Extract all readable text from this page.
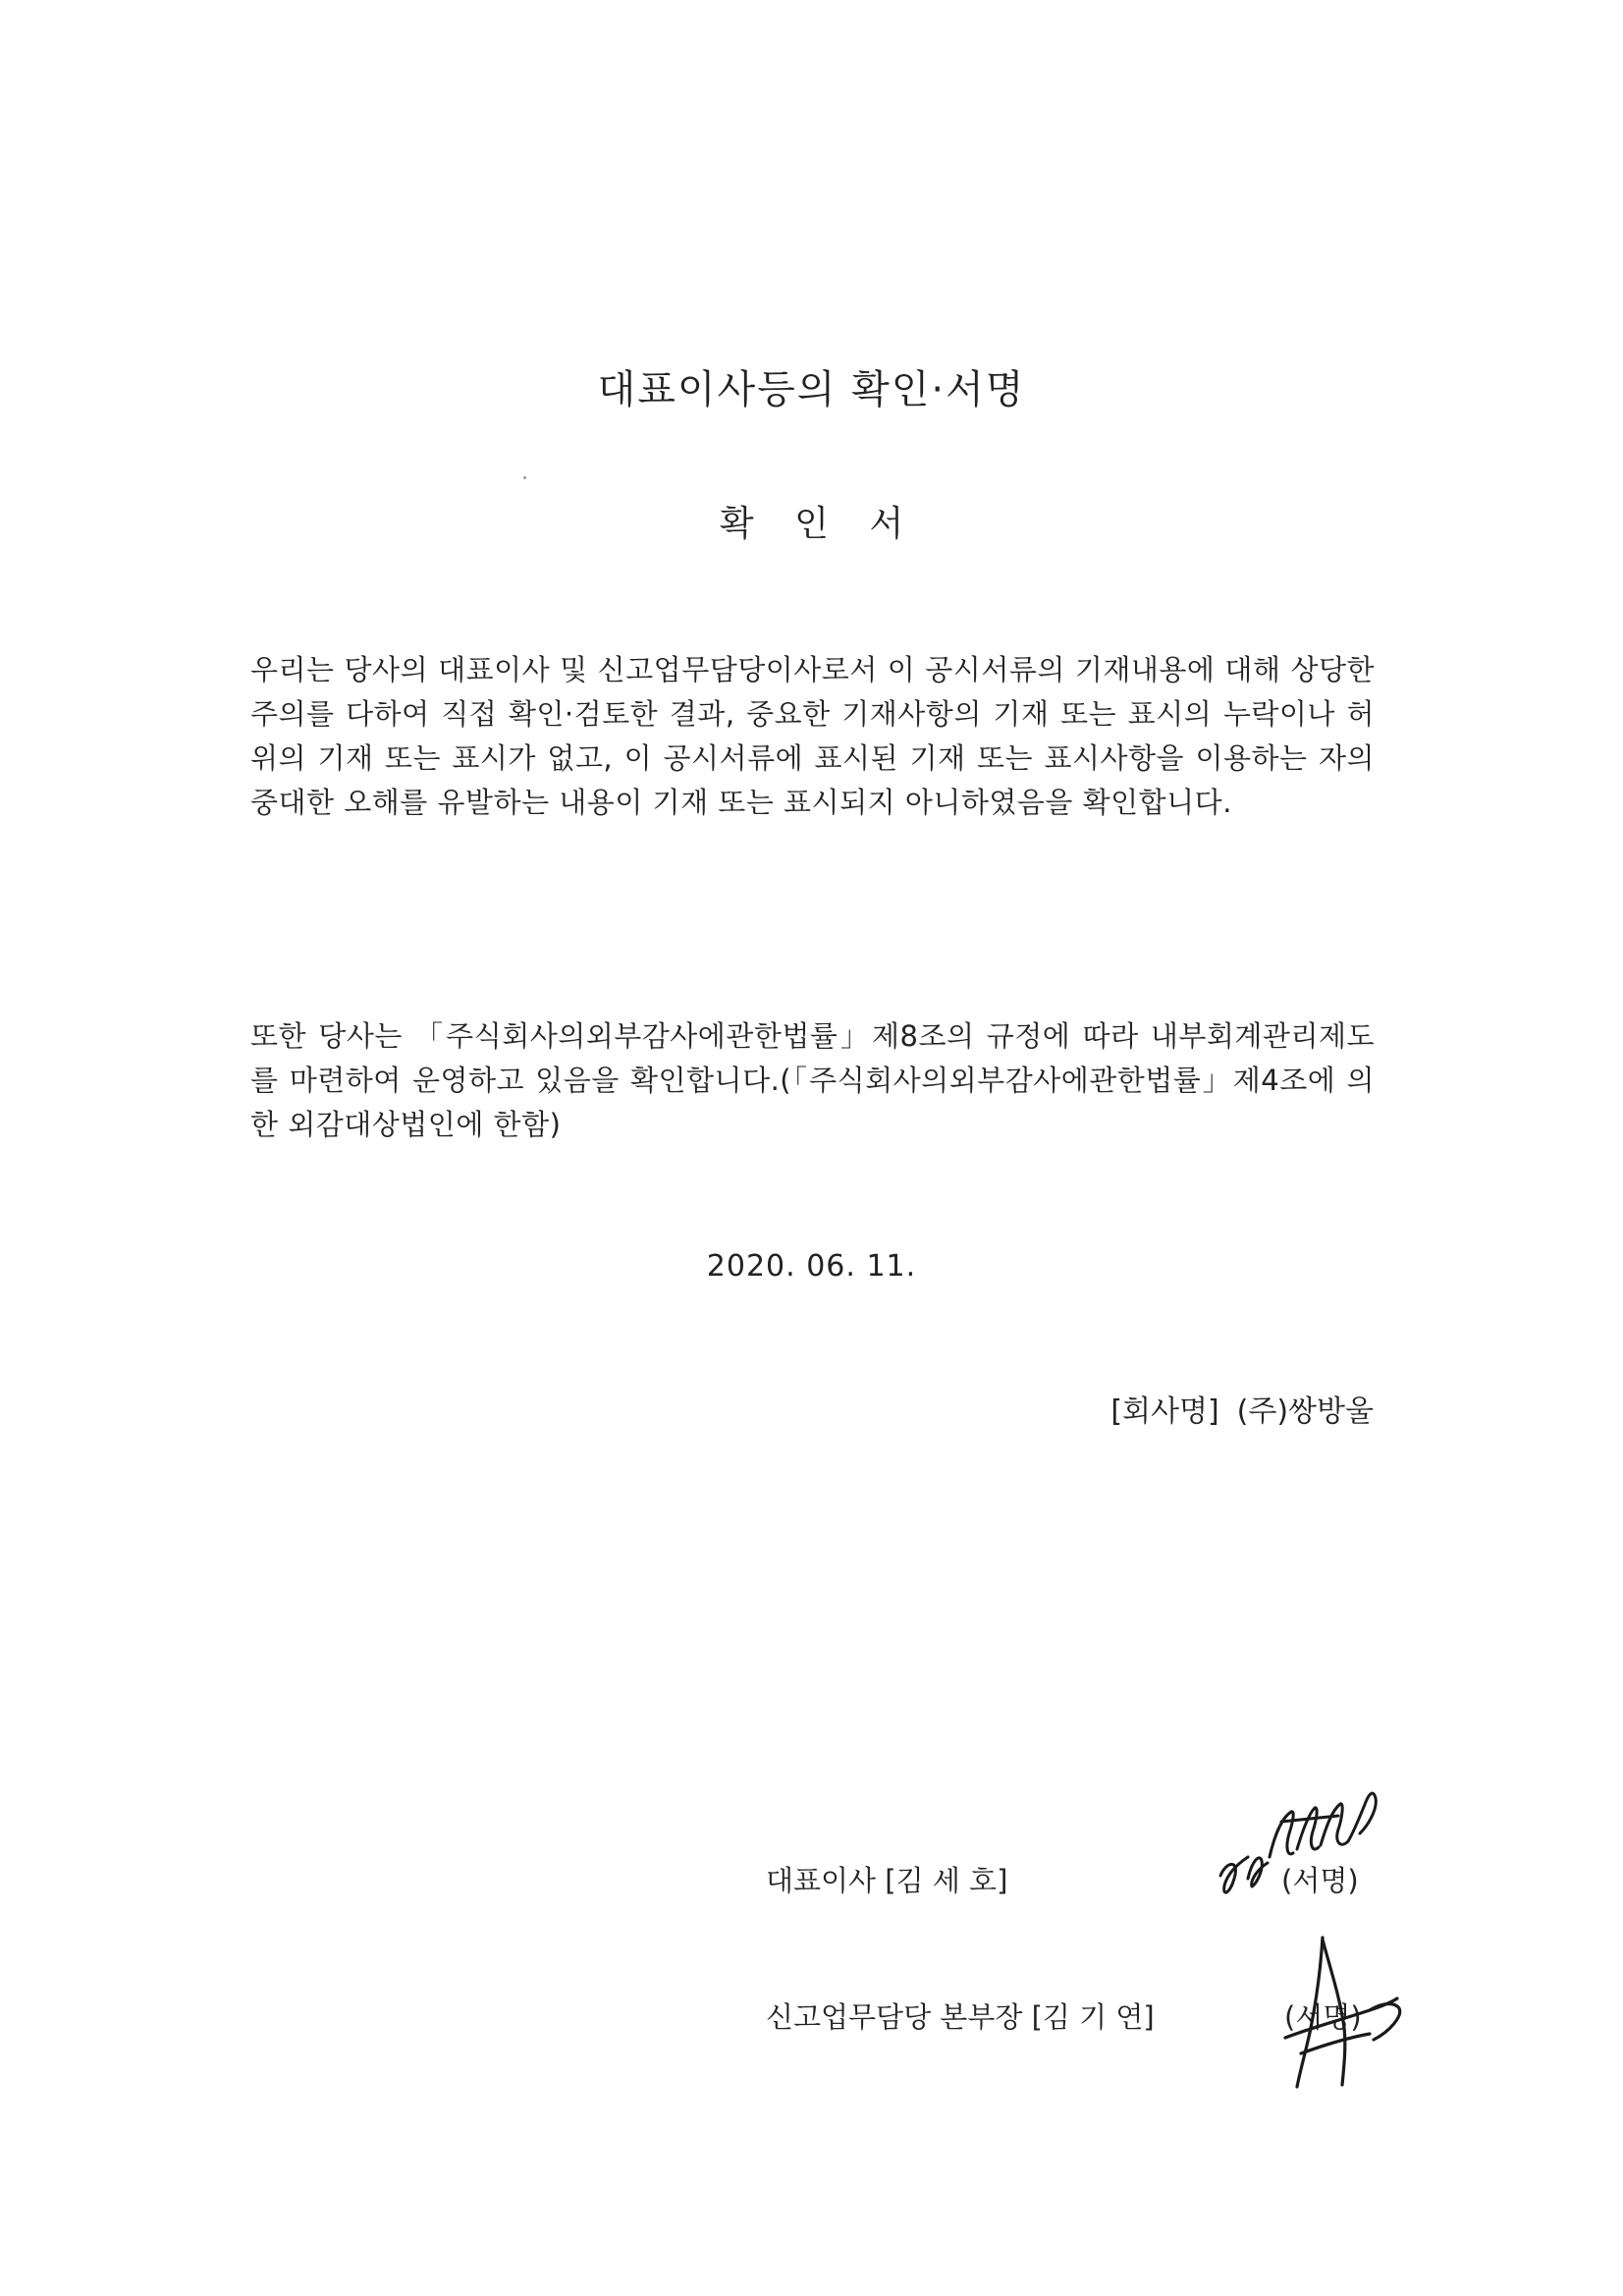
대표이사등의 확인·서명
확 인 서
우리는 당사의 대표이사 및 신고업무담당이사로서 이 공시서류의 기재내용에 대해 상당한 주의를 다하여 직접 확인·검토한 결과, 중요한 기재사항의 기재 또는 표시의 누락이나 허위의 기재 또는 표시가 없고, 이 공시서류에 표시된 기재 또는 표시사항을 이용하는 자의 중대한 오해를 유발하는 내용이 기재 또는 표시되지 아니하였음을 확인합니다.
또한 당사는 「주식회사의외부감사에관한법률」제8조의 규정에 따라 내부회계관리제도를 마련하여 운영하고 있음을 확인합니다.(「주식회사의외부감사에관한법률」제4조에 의한 외감대상법인에 한함)
2020. 06. 11.
[회사명] (주)쌍방울
대표이사 [김 세 호]	(서명)
신고업무담당 본부장 [김 기 연]	(서명)
